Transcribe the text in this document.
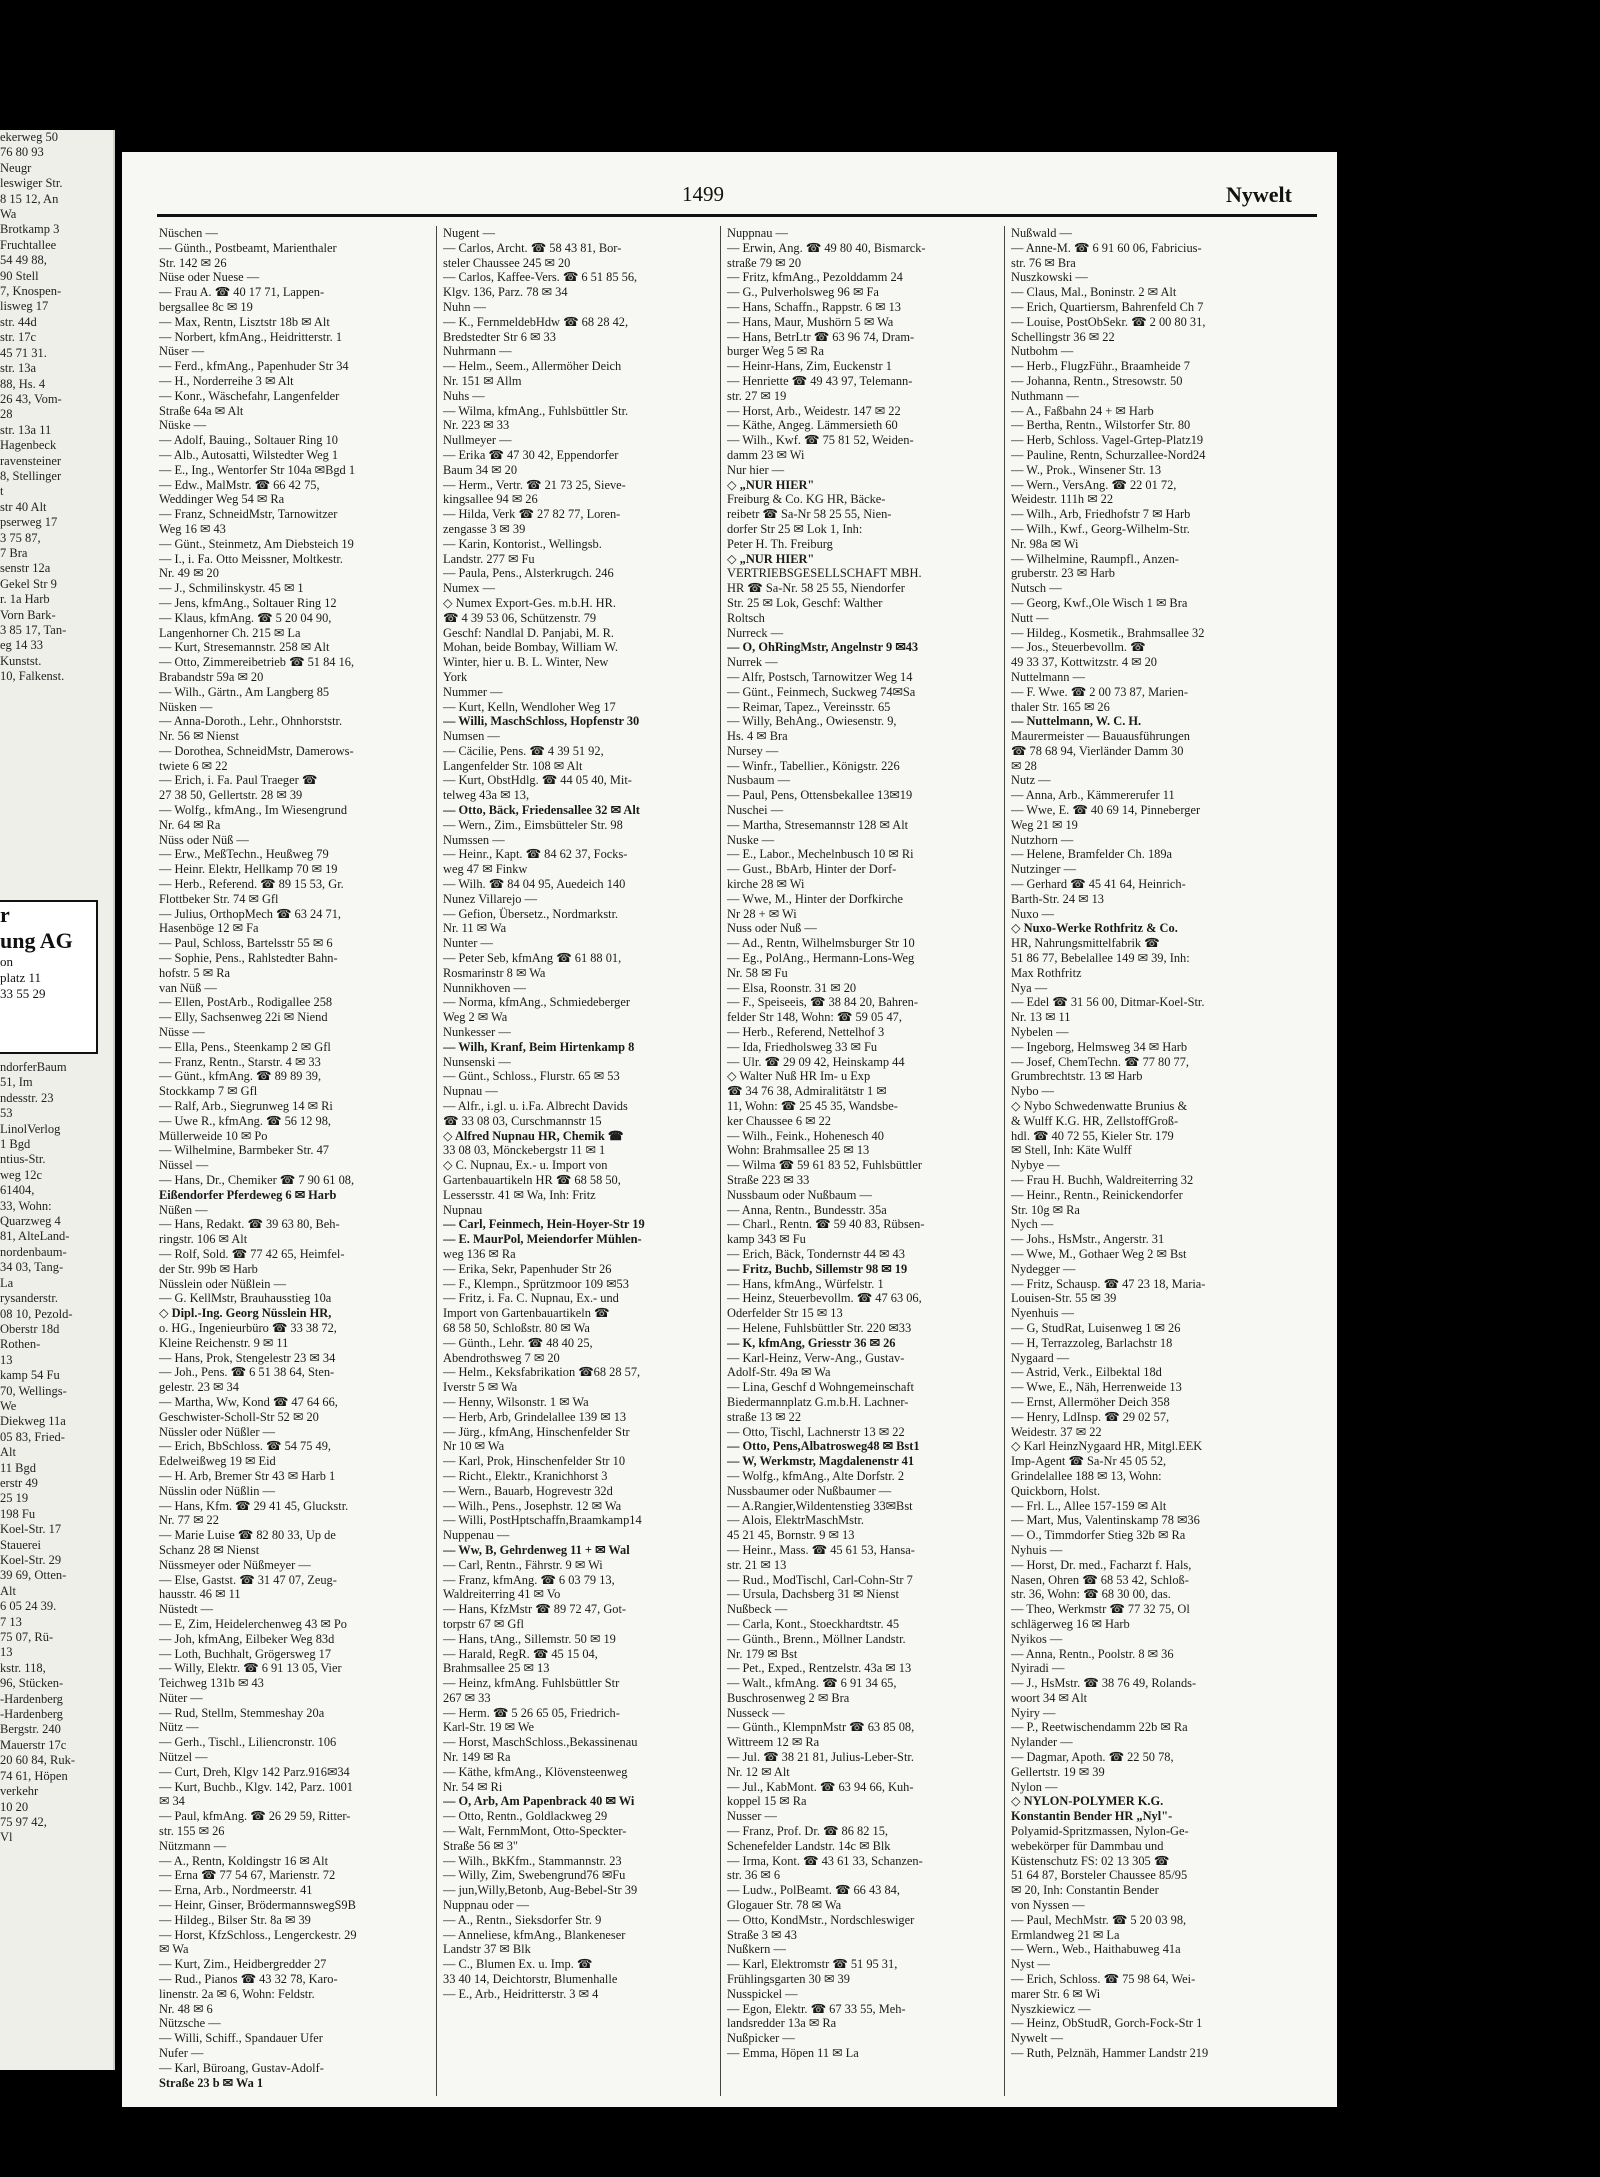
ekerweg 50
76 80 93
Neugr
leswiger Str.
8 15 12, An
Wa
Brotkamp 3
Fruchtallee
54 49 88,
90 Stell
7, Knospen-
lisweg 17
str. 44d
str. 17c
45 71 31.
str. 13a
88, Hs. 4
26 43, Vom-
28
str. 13a 11
Hagenbeck
ravensteiner
8, Stellinger
t
str 40 Alt
pserweg 17
3 75 87,
7 Bra
senstr 12a
Gekel Str 9
r. 1a Harb
Vorn Bark-
3 85 17, Tan-
eg 14 33
Kunstst.
10, Falkenst.
r
ung AG
on
platz 11
33 55 29
ndorferBaum
51, Im
ndesstr. 23
53
LinolVerlog
1 Bgd
ntius-Str.
weg 12c
61404,
33, Wohn:
Quarzweg 4
81, AlteLand-
nordenbaum-
34 03, Tang-
La
rysanderstr.
08 10, Pezold-
Oberstr 18d
Rothen-
13
kamp 54 Fu
70, Wellings-
We
Diekweg 11a
05 83, Fried-
Alt
11 Bgd
erstr 49
25 19
198 Fu
Koel-Str. 17
Stauerei
Koel-Str. 29
39 69, Otten-
Alt
6 05 24 39.
7 13
75 07, Rü-
13
kstr. 118,
96, Stücken-
-Hardenberg
-Hardenberg
Bergstr. 240
Mauerstr 17c
20 60 84, Ruk-
74 61, Höpen
verkehr
10 20
75 97 42,
Vl
1499	Nywelt
Nüschen —
— Günth., Postbeamt, Marienthaler
Str. 142 ✉ 26
Nüse oder Nuese —
— Frau A. ☎ 40 17 71, Lappen-
bergsallee 8c ✉ 19
— Max, Rentn, Lisztstr 18b ✉ Alt
— Norbert, kfmAng., Heidritterstr. 1
Nüser —
— Ferd., kfmAng., Papenhuder Str 34
— H., Norderreihe 3 ✉ Alt
— Konr., Wäschefahr, Langenfelder
Straße 64a ✉ Alt
Nüske —
— Adolf, Bauing., Soltauer Ring 10
— Alb., Autosatti, Wilstedter Weg 1
— E., Ing., Wentorfer Str 104a ✉Bgd 1
— Edw., MalMstr. ☎ 66 42 75,
Weddinger Weg 54 ✉ Ra
— Franz, SchneidMstr, Tarnowitzer
Weg 16 ✉ 43
— Günt., Steinmetz, Am Diebsteich 19
— I., i. Fa. Otto Meissner, Moltkestr.
Nr. 49 ✉ 20
— J., Schmilinskystr. 45 ✉ 1
— Jens, kfmAng., Soltauer Ring 12
— Klaus, kfmAng. ☎ 5 20 04 90,
Langenhorner Ch. 215 ✉ La
— Kurt, Stresemannstr. 258 ✉ Alt
— Otto, Zimmereibetrieb ☎ 51 84 16,
Brabandstr 59a ✉ 20
— Wilh., Gärtn., Am Langberg 85
Nüsken —
— Anna-Doroth., Lehr., Ohnhorststr.
Nr. 56 ✉ Nienst
— Dorothea, SchneidMstr, Damerows-
twiete 6 ✉ 22
— Erich, i. Fa. Paul Traeger ☎
27 38 50, Gellertstr. 28 ✉ 39
— Wolfg., kfmAng., Im Wiesengrund
Nr. 64 ✉ Ra
Nüss oder Nüß —
— Erw., MeßTechn., Heußweg 79
— Heinr. Elektr, Hellkamp 70 ✉ 19
— Herb., Referend. ☎ 89 15 53, Gr.
Flottbeker Str. 74 ✉ Gfl
— Julius, OrthopMech ☎ 63 24 71,
Hasenböge 12 ✉ Fa
— Paul, Schloss, Bartelsstr 55 ✉ 6
— Sophie, Pens., Rahlstedter Bahn-
hofstr. 5 ✉ Ra
van Nüß —
— Ellen, PostArb., Rodigallee 258
— Elly, Sachsenweg 22i ✉ Niend
Nüsse —
— Ella, Pens., Steenkamp 2 ✉ Gfl
— Franz, Rentn., Starstr. 4 ✉ 33
— Günt., kfmAng. ☎ 89 89 39,
Stockkamp 7 ✉ Gfl
— Ralf, Arb., Siegrunweg 14 ✉ Ri
— Uwe R., kfmAng. ☎ 56 12 98,
Müllerweide 10 ✉ Po
— Wilhelmine, Barmbeker Str. 47
Nüssel —
— Hans, Dr., Chemiker ☎ 7 90 61 08,
Eißendorfer Pferdeweg 6 ✉ Harb
Nüßen —
— Hans, Redakt. ☎ 39 63 80, Beh-
ringstr. 106 ✉ Alt
— Rolf, Sold. ☎ 77 42 65, Heimfel-
der Str. 99b ✉ Harb
Nüsslein oder Nüßlein —
— G. KellMstr, Brauhausstieg 10a
◇ Dipl.-Ing. Georg Nüsslein HR,
o. HG., Ingenieurbüro ☎ 33 38 72,
Kleine Reichenstr. 9 ✉ 11
— Hans, Prok, Stengelestr 23 ✉ 34
— Joh., Pens. ☎ 6 51 38 64, Sten-
gelestr. 23 ✉ 34
— Martha, Ww, Kond ☎ 47 64 66,
Geschwister-Scholl-Str 52 ✉ 20
Nüssler oder Nüßler —
— Erich, BbSchloss. ☎ 54 75 49,
Edelweißweg 19 ✉ Eid
— H. Arb, Bremer Str 43 ✉ Harb 1
Nüsslin oder Nüßlin —
— Hans, Kfm. ☎ 29 41 45, Gluckstr.
Nr. 77 ✉ 22
— Marie Luise ☎ 82 80 33, Up de
Schanz 28 ✉ Nienst
Nüssmeyer oder Nüßmeyer —
— Else, Gastst. ☎ 31 47 07, Zeug-
hausstr. 46 ✉ 11
Nüstedt —
— E, Zim, Heidelerchenweg 43 ✉ Po
— Joh, kfmAng, Eilbeker Weg 83d
— Loth, Buchhalt, Grögersweg 17
— Willy, Elektr. ☎ 6 91 13 05, Vier
Teichweg 131b ✉ 43
Nüter —
— Rud, Stellm, Stemmeshay 20a
Nütz —
— Gerh., Tischl., Liliencronstr. 106
Nützel —
— Curt, Dreh, Klgv 142 Parz.916✉34
— Kurt, Buchb., Klgv. 142, Parz. 1001
✉ 34
— Paul, kfmAng. ☎ 26 29 59, Ritter-
str. 155 ✉ 26
Nützmann —
— A., Rentn, Koldingstr 16 ✉ Alt
— Erna ☎ 77 54 67, Marienstr. 72
— Erna, Arb., Nordmeerstr. 41
— Heinr, Ginser, BrödermannswegS9B
— Hildeg., Bilser Str. 8a ✉ 39
— Horst, KfzSchloss., Lengerckestr. 29
✉ Wa
— Kurt, Zim., Heidbergredder 27
— Rud., Pianos ☎ 43 32 78, Karo-
linenstr. 2a ✉ 6, Wohn: Feldstr.
Nr. 48 ✉ 6
Nützsche —
— Willi, Schiff., Spandauer Ufer
Nufer —
— Karl, Büroang, Gustav-Adolf-
Straße 23 b ✉ Wa 1
Nugent —
— Carlos, Archt. ☎ 58 43 81, Bor-
steler Chaussee 245 ✉ 20
— Carlos, Kaffee-Vers. ☎ 6 51 85 56,
Klgv. 136, Parz. 78 ✉ 34
Nuhn —
— K., FernmeldebHdw ☎ 68 28 42,
Bredstedter Str 6 ✉ 33
Nuhrmann —
— Helm., Seem., Allermöher Deich
Nr. 151 ✉ Allm
Nuhs —
— Wilma, kfmAng., Fuhlsbüttler Str.
Nr. 223 ✉ 33
Nullmeyer —
— Erika ☎ 47 30 42, Eppendorfer
Baum 34 ✉ 20
— Herm., Vertr. ☎ 21 73 25, Sieve-
kingsallee 94 ✉ 26
— Hilda, Verk ☎ 27 82 77, Loren-
zengasse 3 ✉ 39
— Karin, Kontorist., Wellingsb.
Landstr. 277 ✉ Fu
— Paula, Pens., Alsterkrugch. 246
Numex —
◇ Numex Export-Ges. m.b.H. HR.
☎ 4 39 53 06, Schützenstr. 79
Geschf: Nandlal D. Panjabi, M. R.
Mohan, beide Bombay, William W.
Winter, hier u. B. L. Winter, New
York
Nummer —
— Kurt, Kelln, Wendloher Weg 17
— Willi, MaschSchloss, Hopfenstr 30
Numsen —
— Cäcilie, Pens. ☎ 4 39 51 92,
Langenfelder Str. 108 ✉ Alt
— Kurt, ObstHdlg. ☎ 44 05 40, Mit-
telweg 43a ✉ 13,
— Otto, Bäck, Friedensallee 32 ✉ Alt
— Wern., Zim., Eimsbütteler Str. 98
Numssen —
— Heinr., Kapt. ☎ 84 62 37, Focks-
weg 47 ✉ Finkw
— Wilh. ☎ 84 04 95, Auedeich 140
Nunez Villarejo —
— Gefion, Übersetz., Nordmarkstr.
Nr. 11 ✉ Wa
Nunter —
— Peter Seb, kfmAng ☎ 61 88 01,
Rosmarinstr 8 ✉ Wa
Nunnikhoven —
— Norma, kfmAng., Schmiedeberger
Weg 2 ✉ Wa
Nunkesser —
— Wilh, Kranf, Beim Hirtenkamp 8
Nunsenski —
— Günt., Schloss., Flurstr. 65 ✉ 53
Nupnau —
— Alfr., i.gl. u. i.Fa. Albrecht Davids
☎ 33 08 03, Curschmannstr 15
◇ Alfred Nupnau HR, Chemik ☎
33 08 03, Mönckebergstr 11 ✉ 1
◇ C. Nupnau, Ex.- u. Import von
Gartenbauartikeln HR ☎ 68 58 50,
Lessersstr. 41 ✉ Wa, Inh: Fritz
Nupnau
— Carl, Feinmech, Hein-Hoyer-Str 19
— E. MaurPol, Meiendorfer Mühlen-
weg 136 ✉ Ra
— Erika, Sekr, Papenhuder Str 26
— F., Klempn., Sprützmoor 109 ✉53
— Fritz, i. Fa. C. Nupnau, Ex.- und
Import von Gartenbauartikeln ☎
68 58 50, Schloßstr. 80 ✉ Wa
— Günth., Lehr. ☎ 48 40 25,
Abendrothsweg 7 ✉ 20
— Helm., Keksfabrikation ☎68 28 57,
Iverstr 5 ✉ Wa
— Henny, Wilsonstr. 1 ✉ Wa
— Herb, Arb, Grindelallee 139 ✉ 13
— Jürg., kfmAng, Hinschenfelder Str
Nr 10 ✉ Wa
— Karl, Prok, Hinschenfelder Str 10
— Richt., Elektr., Kranichhorst 3
— Wern., Bauarb, Hogrevestr 32d
— Wilh., Pens., Josephstr. 12 ✉ Wa
— Willi, PostHptschaffn,Braamkamp14
Nuppenau —
— Ww, B, Gehrdenweg 11 + ✉ Wal
— Carl, Rentn., Fährstr. 9 ✉ Wi
— Franz, kfmAng. ☎ 6 03 79 13,
Waldreiterring 41 ✉ Vo
— Hans, KfzMstr ☎ 89 72 47, Got-
torpstr 67 ✉ Gfl
— Hans, tAng., Sillemstr. 50 ✉ 19
— Harald, RegR. ☎ 45 15 04,
Brahmsallee 25 ✉ 13
— Heinz, kfmAng. Fuhlsbüttler Str
267 ✉ 33
— Herm. ☎ 5 26 65 05, Friedrich-
Karl-Str. 19 ✉ We
— Horst, MaschSchloss.,Bekassinenau
Nr. 149 ✉ Ra
— Käthe, kfmAng., Klövensteenweg
Nr. 54 ✉ Ri
— O, Arb, Am Papenbrack 40 ✉ Wi
— Otto, Rentn., Goldlackweg 29
— Walt, FernmMont, Otto-Speckter-
Straße 56 ✉ 3"
— Wilh., BkKfm., Stammannstr. 23
— Willy, Zim, Swebengrund76 ✉Fu
— jun,Willy,Betonb, Aug-Bebel-Str 39
Nuppnau oder —
— A., Rentn., Sieksdorfer Str. 9
— Anneliese, kfmAng., Blankeneser
Landstr 37 ✉ Blk
— C., Blumen Ex. u. Imp. ☎
33 40 14, Deichtorstr, Blumenhalle
— E., Arb., Heidritterstr. 3 ✉ 4
Nuppnau —
— Erwin, Ang. ☎ 49 80 40, Bismarck-
straße 79 ✉ 20
— Fritz, kfmAng., Pezolddamm 24
— G., Pulverholsweg 96 ✉ Fa
— Hans, Schaffn., Rappstr. 6 ✉ 13
— Hans, Maur, Mushörn 5 ✉ Wa
— Hans, BetrLtr ☎ 63 96 74, Dram-
burger Weg 5 ✉ Ra
— Heinr-Hans, Zim, Euckenstr 1
— Henriette ☎ 49 43 97, Telemann-
str. 27 ✉ 19
— Horst, Arb., Weidestr. 147 ✉ 22
— Käthe, Angeg. Lämmersieth 60
— Wilh., Kwf. ☎ 75 81 52, Weiden-
damm 23 ✉ Wi
Nur hier —
◇ „NUR HIER"
Freiburg & Co. KG HR, Bäcke-
reibetr ☎ Sa-Nr 58 25 55, Nien-
dorfer Str 25 ✉ Lok 1, Inh:
Peter H. Th. Freiburg
◇ „NUR HIER"
VERTRIEBSGESELLSCHAFT MBH.
HR ☎ Sa-Nr. 58 25 55, Niendorfer
Str. 25 ✉ Lok, Geschf: Walther
Roltsch
Nurreck —
— O, OhRingMstr, Angelnstr 9 ✉43
Nurrek —
— Alfr, Postsch, Tarnowitzer Weg 14
— Günt., Feinmech, Suckweg 74✉Sa
— Reimar, Tapez., Vereinsstr. 65
— Willy, BehAng., Owiesenstr. 9,
Hs. 4 ✉ Bra
Nursey —
— Winfr., Tabellier., Königstr. 226
Nusbaum —
— Paul, Pens, Ottensbekallee 13✉19
Nuschei —
— Martha, Stresemannstr 128 ✉ Alt
Nuske —
— E., Labor., Mechelnbusch 10 ✉ Ri
— Gust., BbArb, Hinter der Dorf-
kirche 28 ✉ Wi
— Wwe, M., Hinter der Dorfkirche
Nr 28 + ✉ Wi
Nuss oder Nuß —
— Ad., Rentn, Wilhelmsburger Str 10
— Eg., PolAng., Hermann-Lons-Weg
Nr. 58 ✉ Fu
— Elsa, Roonstr. 31 ✉ 20
— F., Speiseeis, ☎ 38 84 20, Bahren-
felder Str 148, Wohn: ☎ 59 05 47,
— Herb., Referend, Nettelhof 3
— Ida, Friedholsweg 33 ✉ Fu
— Ulr. ☎ 29 09 42, Heinskamp 44
◇ Walter Nuß HR Im- u Exp
☎ 34 76 38, Admiralitätstr 1 ✉
11, Wohn: ☎ 25 45 35, Wandsbe-
ker Chaussee 6 ✉ 22
— Wilh., Feink., Hohenesch 40
Wohn: Brahmsallee 25 ✉ 13
— Wilma ☎ 59 61 83 52, Fuhlsbüttler
Straße 223 ✉ 33
Nussbaum oder Nußbaum —
— Anna, Rentn., Bundesstr. 35a
— Charl., Rentn. ☎ 59 40 83, Rübsen-
kamp 343 ✉ Fu
— Erich, Bäck, Tondernstr 44 ✉ 43
— Fritz, Buchb, Sillemstr 98 ✉ 19
— Hans, kfmAng., Würfelstr. 1
— Heinz, Steuerbevollm. ☎ 47 63 06,
Oderfelder Str 15 ✉ 13
— Helene, Fuhlsbüttler Str. 220 ✉33
— K, kfmAng, Griesstr 36 ✉ 26
— Karl-Heinz, Verw-Ang., Gustav-
Adolf-Str. 49a ✉ Wa
— Lina, Geschf d Wohngemeinschaft
Biedermannplatz G.m.b.H. Lachner-
straße 13 ✉ 22
— Otto, Tischl, Lachnerstr 13 ✉ 22
— Otto, Pens,Albatrosweg48 ✉ Bst1
— W, Werkmstr, Magdalenenstr 41
— Wolfg., kfmAng., Alte Dorfstr. 2
Nussbaumer oder Nußbaumer —
— A.Rangier,Wildentenstieg 33✉Bst
— Alois, ElektrMaschMstr.
45 21 45, Bornstr. 9 ✉ 13
— Heinr., Mass. ☎ 45 61 53, Hansa-
str. 21 ✉ 13
— Rud., ModTischl, Carl-Cohn-Str 7
— Ursula, Dachsberg 31 ✉ Nienst
Nußbeck —
— Carla, Kont., Stoeckhardtstr. 45
— Günth., Brenn., Möllner Landstr.
Nr. 179 ✉ Bst
— Pet., Exped., Rentzelstr. 43a ✉ 13
— Walt., kfmAng. ☎ 6 91 34 65,
Buschrosenweg 2 ✉ Bra
Nusseck —
— Günth., KlempnMstr ☎ 63 85 08,
Wittreem 12 ✉ Ra
— Jul. ☎ 38 21 81, Julius-Leber-Str.
Nr. 12 ✉ Alt
— Jul., KabMont. ☎ 63 94 66, Kuh-
koppel 15 ✉ Ra
Nusser —
— Franz, Prof. Dr. ☎ 86 82 15,
Schenefelder Landstr. 14c ✉ Blk
— Irma, Kont. ☎ 43 61 33, Schanzen-
str. 36 ✉ 6
— Ludw., PolBeamt. ☎ 66 43 84,
Glogauer Str. 78 ✉ Wa
— Otto, KondMstr., Nordschleswiger
Straße 3 ✉ 43
Nußkern —
— Karl, Elektromstr ☎ 51 95 31,
Frühlingsgarten 30 ✉ 39
Nusspickel —
— Egon, Elektr. ☎ 67 33 55, Meh-
landsredder 13a ✉ Ra
Nußpicker —
— Emma, Höpen 11 ✉ La
Nußwald —
— Anne-M. ☎ 6 91 60 06, Fabricius-
str. 76 ✉ Bra
Nuszkowski —
— Claus, Mal., Boninstr. 2 ✉ Alt
— Erich, Quartiersm, Bahrenfeld Ch 7
— Louise, PostObSekr. ☎ 2 00 80 31,
Schellingstr 36 ✉ 22
Nutbohm —
— Herb., FlugzFühr., Braamheide 7
— Johanna, Rentn., Stresowstr. 50
Nuthmann —
— A., Faßbahn 24 + ✉ Harb
— Bertha, Rentn., Wilstorfer Str. 80
— Herb, Schloss. Vagel-Grtep-Platz19
— Pauline, Rentn, Schurzallee-Nord24
— W., Prok., Winsener Str. 13
— Wern., VersAng. ☎ 22 01 72,
Weidestr. 111h ✉ 22
— Wilh., Arb, Friedhofstr 7 ✉ Harb
— Wilh., Kwf., Georg-Wilhelm-Str.
Nr. 98a ✉ Wi
— Wilhelmine, Raumpfl., Anzen-
gruberstr. 23 ✉ Harb
Nutsch —
— Georg, Kwf.,Ole Wisch 1 ✉ Bra
Nutt —
— Hildeg., Kosmetik., Brahmsallee 32
— Jos., Steuerbevollm. ☎
49 33 37, Kottwitzstr. 4 ✉ 20
Nuttelmann —
— F. Wwe. ☎ 2 00 73 87, Marien-
thaler Str. 165 ✉ 26
— Nuttelmann, W. C. H.
Maurermeister — Bauausführungen
☎ 78 68 94, Vierländer Damm 30
✉ 28
Nutz —
— Anna, Arb., Kämmererufer 11
— Wwe, E. ☎ 40 69 14, Pinneberger
Weg 21 ✉ 19
Nutzhorn —
— Helene, Bramfelder Ch. 189a
Nutzinger —
— Gerhard ☎ 45 41 64, Heinrich-
Barth-Str. 24 ✉ 13
Nuxo —
◇ Nuxo-Werke Rothfritz & Co.
HR, Nahrungsmittelfabrik ☎
51 86 77, Bebelallee 149 ✉ 39, Inh:
Max Rothfritz
Nya —
— Edel ☎ 31 56 00, Ditmar-Koel-Str.
Nr. 13 ✉ 11
Nybelen —
— Ingeborg, Helmsweg 34 ✉ Harb
— Josef, ChemTechn. ☎ 77 80 77,
Grumbrechtstr. 13 ✉ Harb
Nybo —
◇ Nybo Schwedenwatte Brunius &
& Wulff K.G. HR, ZellstoffGroß-
hdl. ☎ 40 72 55, Kieler Str. 179
✉ Stell, Inh: Käte Wulff
Nybye —
— Frau H. Buchh, Waldreiterring 32
— Heinr., Rentn., Reinickendorfer
Str. 10g ✉ Ra
Nych —
— Johs., HsMstr., Angerstr. 31
— Wwe, M., Gothaer Weg 2 ✉ Bst
Nydegger —
— Fritz, Schausp. ☎ 47 23 18, Maria-
Louisen-Str. 55 ✉ 39
Nyenhuis —
— G, StudRat, Luisenweg 1 ✉ 26
— H, Terrazzoleg, Barlachstr 18
Nygaard —
— Astrid, Verk., Eilbektal 18d
— Wwe, E., Näh, Herrenweide 13
— Ernst, Allermöher Deich 358
— Henry, LdInsp. ☎ 29 02 57,
Weidestr. 37 ✉ 22
◇ Karl HeinzNygaard HR, Mitgl.EEK
Imp-Agent ☎ Sa-Nr 45 05 52,
Grindelallee 188 ✉ 13, Wohn:
Quickborn, Holst.
— Frl. L., Allee 157-159 ✉ Alt
— Mart, Mus, Valentinskamp 78 ✉36
— O., Timmdorfer Stieg 32b ✉ Ra
Nyhuis —
— Horst, Dr. med., Facharzt f. Hals,
Nasen, Ohren ☎ 68 53 42, Schloß-
str. 36, Wohn: ☎ 68 30 00, das.
— Theo, Werkmstr ☎ 77 32 75, Ol
schlägerweg 16 ✉ Harb
Nyikos —
— Anna, Rentn., Poolstr. 8 ✉ 36
Nyiradi —
— J., HsMstr. ☎ 38 76 49, Rolands-
woort 34 ✉ Alt
Nyiry —
— P., Reetwischendamm 22b ✉ Ra
Nylander —
— Dagmar, Apoth. ☎ 22 50 78,
Gellertstr. 19 ✉ 39
Nylon —
◇ NYLON-POLYMER K.G.
Konstantin Bender HR „Nyl"-
Polyamid-Spritzmassen, Nylon-Ge-
webekörper für Dammbau und
Küstenschutz FS: 02 13 305 ☎
51 64 87, Borsteler Chaussee 85/95
✉ 20, Inh: Constantin Bender
von Nyssen —
— Paul, MechMstr. ☎ 5 20 03 98,
Ermlandweg 21 ✉ La
— Wern., Web., Haithabuweg 41a
Nyst —
— Erich, Schloss. ☎ 75 98 64, Wei-
marer Str. 6 ✉ Wi
Nyszkiewicz —
— Heinz, ObStudR, Gorch-Fock-Str 1
Nywelt —
— Ruth, Pelznäh, Hammer Landstr 219
